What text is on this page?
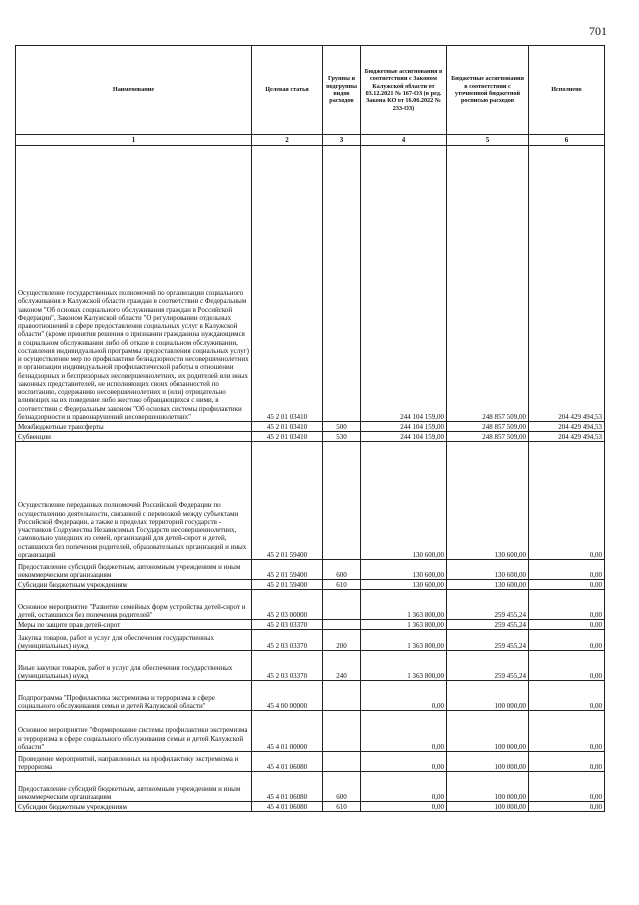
701
Наименование	Целевая статья	Группы и подгруппы видов расходов	Бюджетные ассигнования в соответствии с Законом Калужской области от 03.12.2021 № 167-ОЗ (в ред. Закона КО от 16.06.2022 № 233-ОЗ)	Бюджетные ассигнования в соответствии с уточненной бюджетной росписью расходов	Исполнено
1	2	3	4	5	6
Осуществление государственных полномочий по организации социального обслуживания в Калужской области граждан в соответствии с Федеральным законом "Об основах социального обслуживания граждан в Российской Федерации", Законом Калужской области "О регулировании отдельных правоотношений в сфере предоставления социальных услуг в Калужской области" (кроме принятия решения о признании гражданина нуждающимся в социальном обслуживании либо об отказе в социальном обслуживании, составления индивидуальной программы предоставления социальных услуг) и осуществление мер по профилактике безнадзорности несовершеннолетних и организации индивидуальной профилактической работы в отношении безнадзорных и беспризорных несовершеннолетних, их родителей или иных законных представителей, не исполняющих своих обязанностей по воспитанию, содержанию несовершеннолетних и (или) отрицательно влияющих на их поведение либо жестоко обращающихся с ними, в соответствии с Федеральным законом "Об основах системы профилактики безнадзорности и правонарушений несовершеннолетних"	45 2 01 03410		244 104 159,00	248 857 509,00	204 429 494,53
Межбюджетные трансферты	45 2 01 03410	500	244 104 159,00	248 857 509,00	204 429 494,53
Субвенции	45 2 01 03410	530	244 104 159,00	248 857 509,00	204 429 494,53
Осуществление переданных полномочий Российской Федерации по осуществлению деятельности, связанной с перевозкой между субъектами Российской Федерации, а также в пределах территорий государств - участников Содружества Независимых Государств несовершеннолетних, самовольно ушедших из семей, организаций для детей-сирот и детей, оставшихся без попечения родителей, образовательных организаций и иных организаций	45 2 01 59400		130 600,00	130 600,00	0,00
Предоставление субсидий бюджетным, автономным учреждениям и иным некоммерческим организациям	45 2 01 59400	600	130 600,00	130 600,00	0,00
Субсидии бюджетным учреждениям	45 2 01 59400	610	130 600,00	130 600,00	0,00
Основное мероприятие "Развитие семейных форм устройства детей-сирот и детей, оставшихся без попечения родителей"	45 2 03 00000		1 363 800,00	259 455,24	0,00
Меры по защите прав детей-сирот	45 2 03 03370		1 363 800,00	259 455,24	0,00
Закупка товаров, работ и услуг для обеспечения государственных (муниципальных) нужд	45 2 03 03370	200	1 363 800,00	259 455,24	0,00
Иные закупки товаров, работ и услуг для обеспечения государственных (муниципальных) нужд	45 2 03 03370	240	1 363 800,00	259 455,24	0,00
Подпрограмма "Профилактика экстремизма и терроризма в сфере социального обслуживания семьи и детей Калужской области"	45 4 00 00000		0,00	100 000,00	0,00
Основное мероприятие "Формирование системы профилактики экстремизма и терроризма в сфере социального обслуживания семьи и детей Калужской области"	45 4 01 00000		0,00	100 000,00	0,00
Проведение мероприятий, направленных на профилактику экстремизма и терроризма	45 4 01 06080		0,00	100 000,00	0,00
Предоставление субсидий бюджетным, автономным учреждениям и иным некоммерческим организациям	45 4 01 06080	600	0,00	100 000,00	0,00
Субсидии бюджетным учреждениям	45 4 01 06080	610	0,00	100 000,00	0,00
